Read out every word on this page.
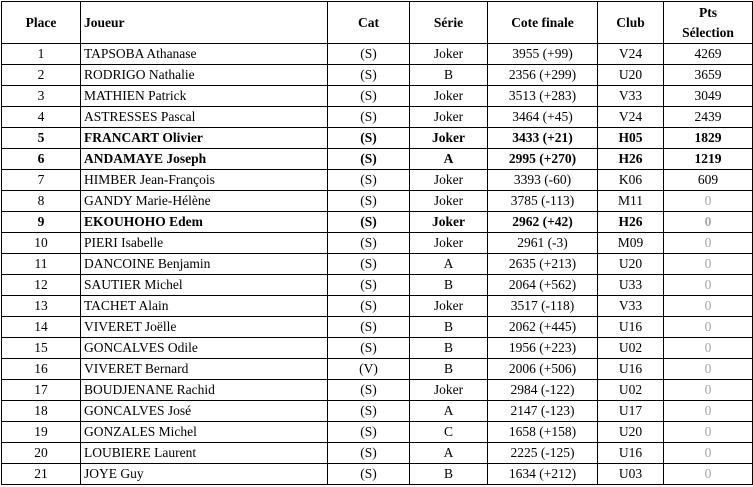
Place	Joueur	Cat	Série	Cote finale	Club	Pts
Sélection
1	TAPSOBA Athanase	(S)	Joker	3955 (+99)	V24	4269
2	RODRIGO Nathalie	(S)	B	2356 (+299)	U20	3659
3	MATHIEN Patrick	(S)	Joker	3513 (+283)	V33	3049
4	ASTRESSES Pascal	(S)	Joker	3464 (+45)	V24	2439
5	FRANCART Olivier	(S)	Joker	3433 (+21)	H05	1829
6	ANDAMAYE Joseph	(S)	A	2995 (+270)	H26	1219
7	HIMBER Jean-François	(S)	Joker	3393 (-60)	K06	609
8	GANDY Marie-Hélène	(S)	Joker	3785 (-113)	M11	0
9	EKOUHOHO Edem	(S)	Joker	2962 (+42)	H26	0
10	PIERI Isabelle	(S)	Joker	2961 (-3)	M09	0
11	DANCOINE Benjamin	(S)	A	2635 (+213)	U20	0
12	SAUTIER Michel	(S)	B	2064 (+562)	U33	0
13	TACHET Alain	(S)	Joker	3517 (-118)	V33	0
14	VIVERET Joëlle	(S)	B	2062 (+445)	U16	0
15	GONCALVES Odile	(S)	B	1956 (+223)	U02	0
16	VIVERET Bernard	(V)	B	2006 (+506)	U16	0
17	BOUDJENANE Rachid	(S)	Joker	2984 (-122)	U02	0
18	GONCALVES José	(S)	A	2147 (-123)	U17	0
19	GONZALES Michel	(S)	C	1658 (+158)	U20	0
20	LOUBIERE Laurent	(S)	A	2225 (-125)	U16	0
21	JOYE Guy	(S)	B	1634 (+212)	U03	0
